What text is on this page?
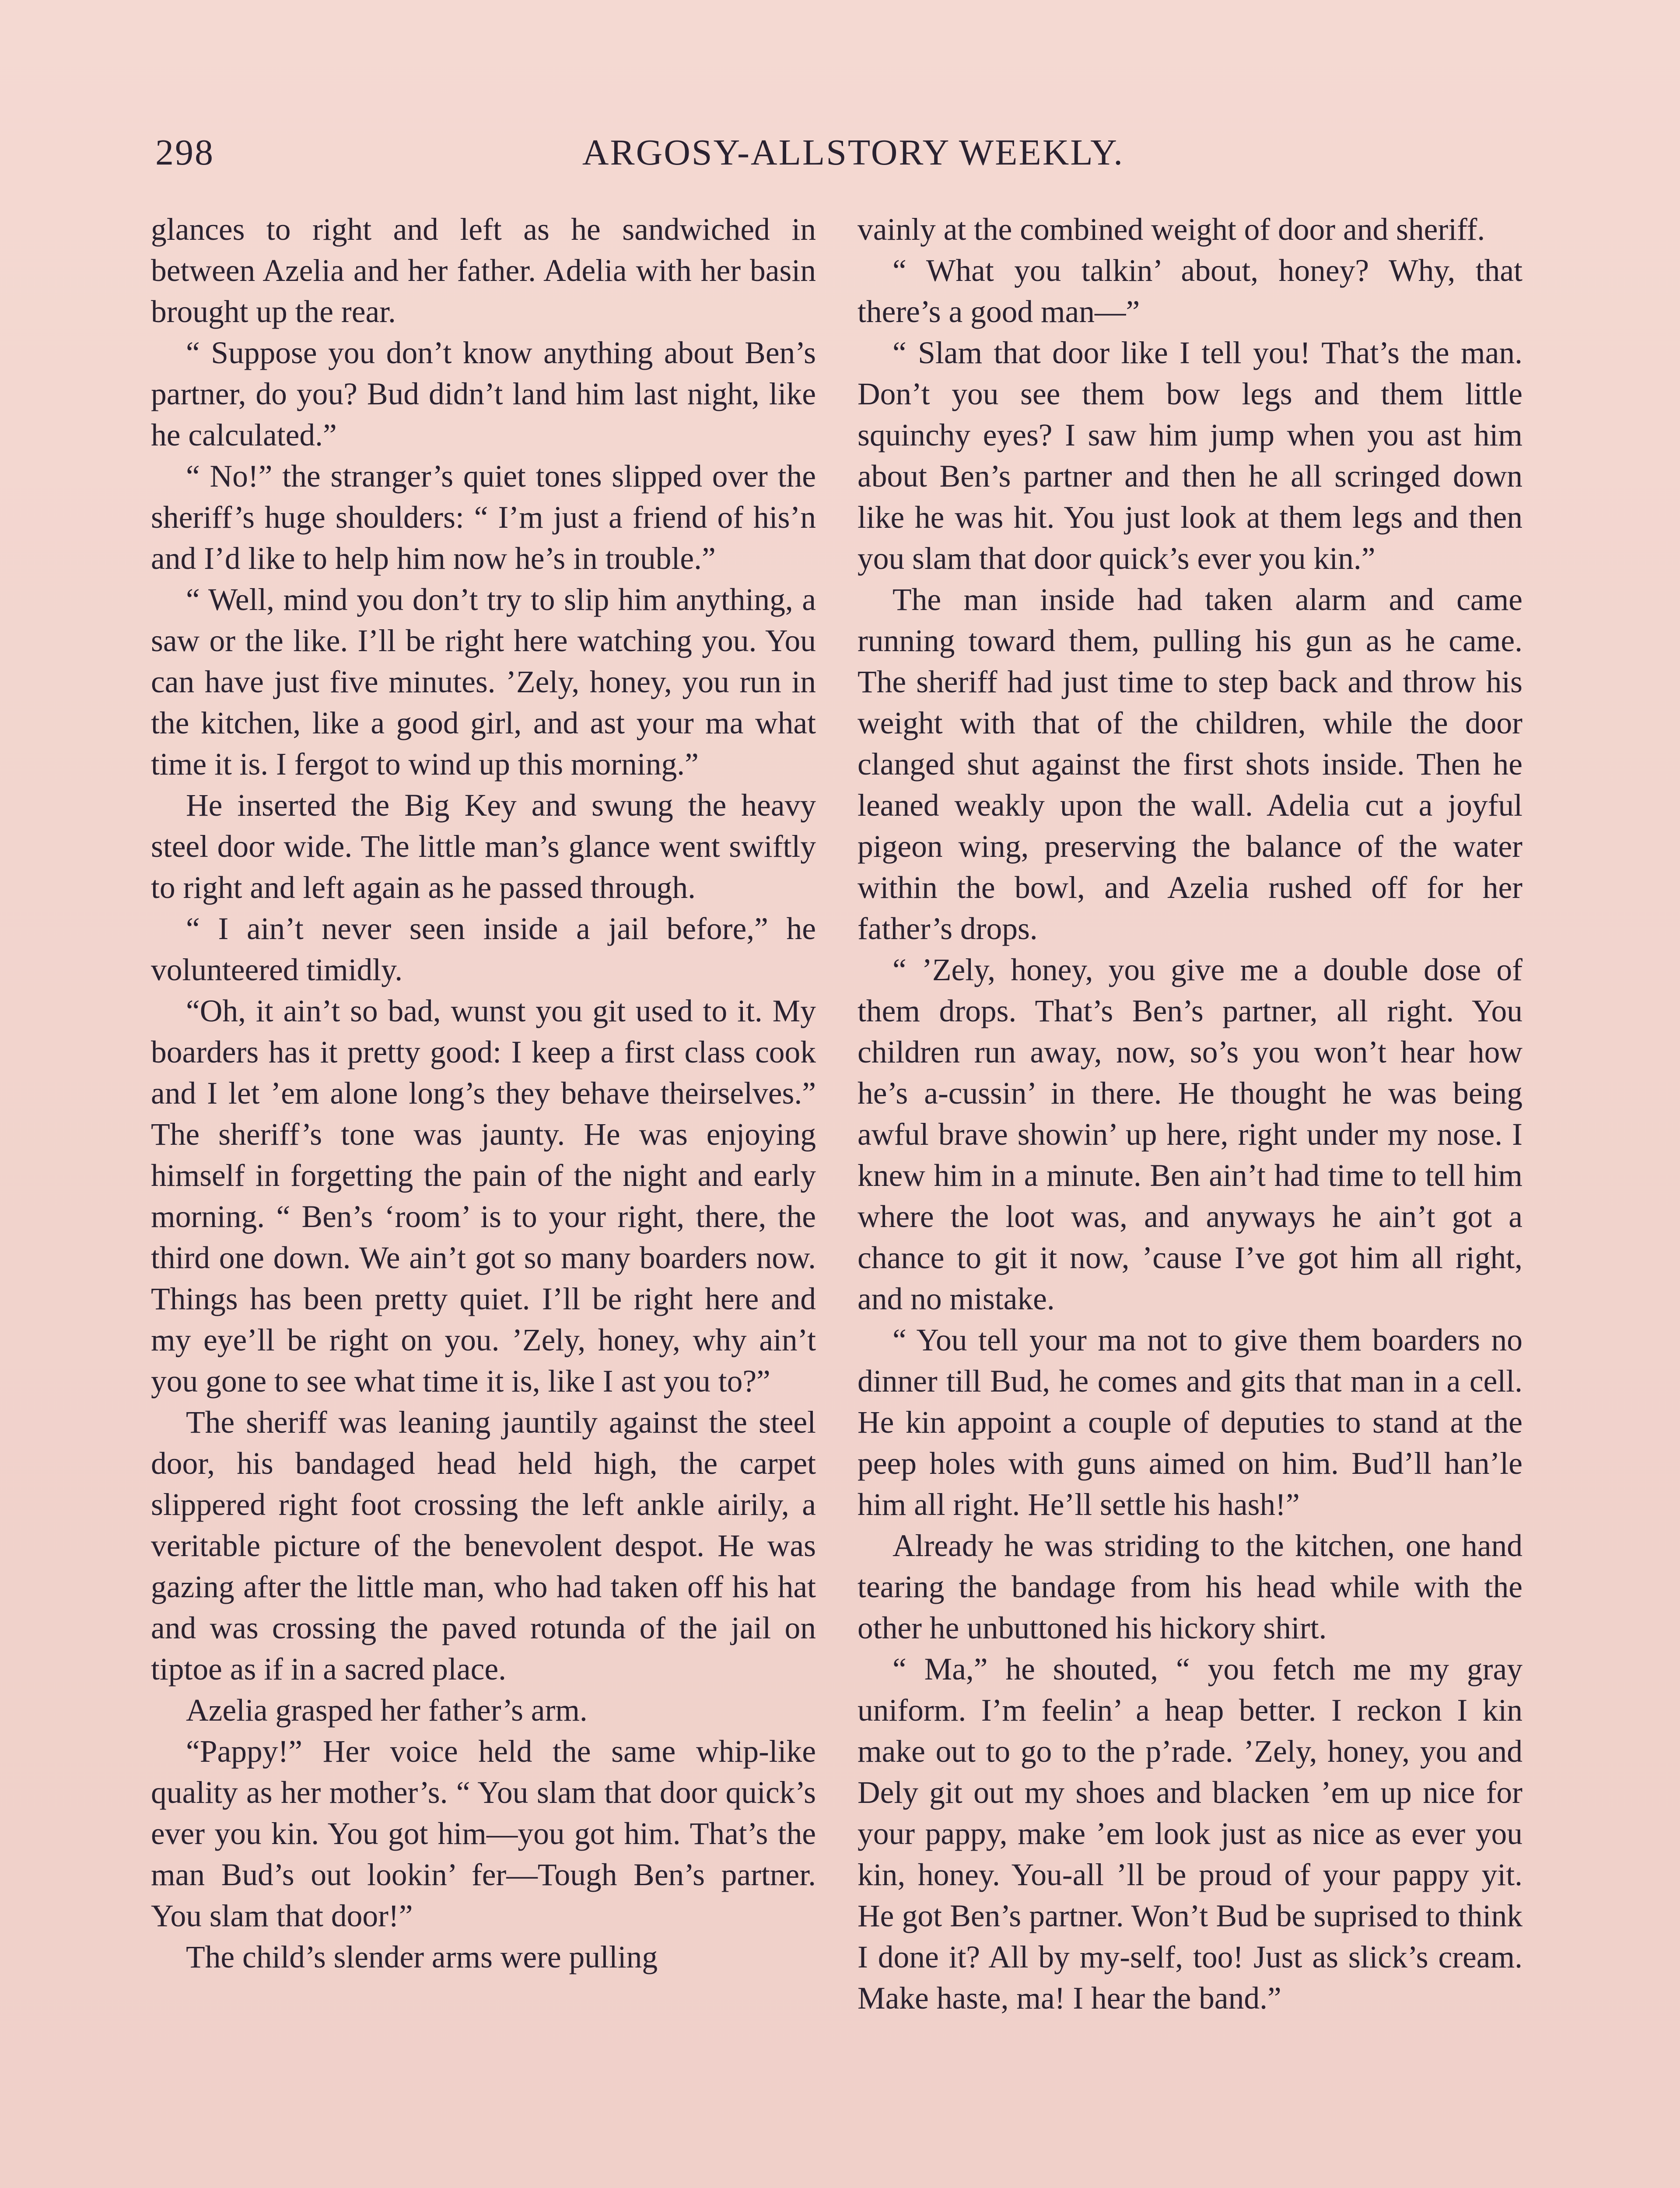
298	ARGOSY-ALLSTORY WEEKLY.

glances to right and left as he sandwiched in between Azelia and her father. Adelia with her basin brought up the rear.

“ Suppose you don’t know anything about Ben’s partner, do you? Bud didn’t land him last night, like he calculated.”

“ No!” the stranger’s quiet tones slipped over the sheriff’s huge shoulders: “ I’m just a friend of his’n and I’d like to help him now he’s in trouble.”

“ Well, mind you don’t try to slip him anything, a saw or the like. I’ll be right here watching you. You can have just five minutes. ’Zely, honey, you run in the kitchen, like a good girl, and ast your ma what time it is. I fergot to wind up this morning.”

He inserted the Big Key and swung the heavy steel door wide. The little man’s glance went swiftly to right and left again as he passed through.

“ I ain’t never seen inside a jail before,” he volunteered timidly.

“Oh, it ain’t so bad, wunst you git used to it. My boarders has it pretty good: I keep a first class cook and I let ’em alone long’s they behave theirselves.” The sheriff’s tone was jaunty. He was enjoying himself in forgetting the pain of the night and early morning. “ Ben’s ‘room’ is to your right, there, the third one down. We ain’t got so many boarders now. Things has been pretty quiet. I’ll be right here and my eye’ll be right on you. ’Zely, honey, why ain’t you gone to see what time it is, like I ast you to?”

The sheriff was leaning jauntily against the steel door, his bandaged head held high, the carpet slippered right foot crossing the left ankle airily, a veritable picture of the benevolent despot. He was gazing after the little man, who had taken off his hat and was crossing the paved rotunda of the jail on tiptoe as if in a sacred place.

Azelia grasped her father’s arm.

“Pappy!” Her voice held the same whip-like quality as her mother’s. “ You slam that door quick’s ever you kin. You got him—you got him. That’s the man Bud’s out lookin’ fer—Tough Ben’s partner. You slam that door!”

The child’s slender arms were pulling

vainly at the combined weight of door and sheriff.

“ What you talkin’ about, honey? Why, that there’s a good man—”

“ Slam that door like I tell you! That’s the man. Don’t you see them bow legs and them little squinchy eyes? I saw him jump when you ast him about Ben’s partner and then he all scringed down like he was hit. You just look at them legs and then you slam that door quick’s ever you kin.”

The man inside had taken alarm and came running toward them, pulling his gun as he came. The sheriff had just time to step back and throw his weight with that of the children, while the door clanged shut against the first shots inside. Then he leaned weakly upon the wall. Adelia cut a joyful pigeon wing, preserving the balance of the water within the bowl, and Azelia rushed off for her father’s drops.

“ ’Zely, honey, you give me a double dose of them drops. That’s Ben’s partner, all right. You children run away, now, so’s you won’t hear how he’s a-cussin’ in there. He thought he was being awful brave showin’ up here, right under my nose. I knew him in a minute. Ben ain’t had time to tell him where the loot was, and anyways he ain’t got a chance to git it now, ’cause I’ve got him all right, and no mistake.

“ You tell your ma not to give them boarders no dinner till Bud, he comes and gits that man in a cell. He kin appoint a couple of deputies to stand at the peep holes with guns aimed on him. Bud’ll han’le him all right. He’ll settle his hash!”

Already he was striding to the kitchen, one hand tearing the bandage from his head while with the other he unbuttoned his hickory shirt.

“ Ma,” he shouted, “ you fetch me my gray uniform. I’m feelin’ a heap better. I reckon I kin make out to go to the p’rade. ’Zely, honey, you and Dely git out my shoes and blacken ’em up nice for your pappy, make ’em look just as nice as ever you kin, honey. You-all ’ll be proud of your pappy yit. He got Ben’s partner. Won’t Bud be suprised to think I done it? All by my-self, too! Just as slick’s cream. Make haste, ma! I hear the band.”
